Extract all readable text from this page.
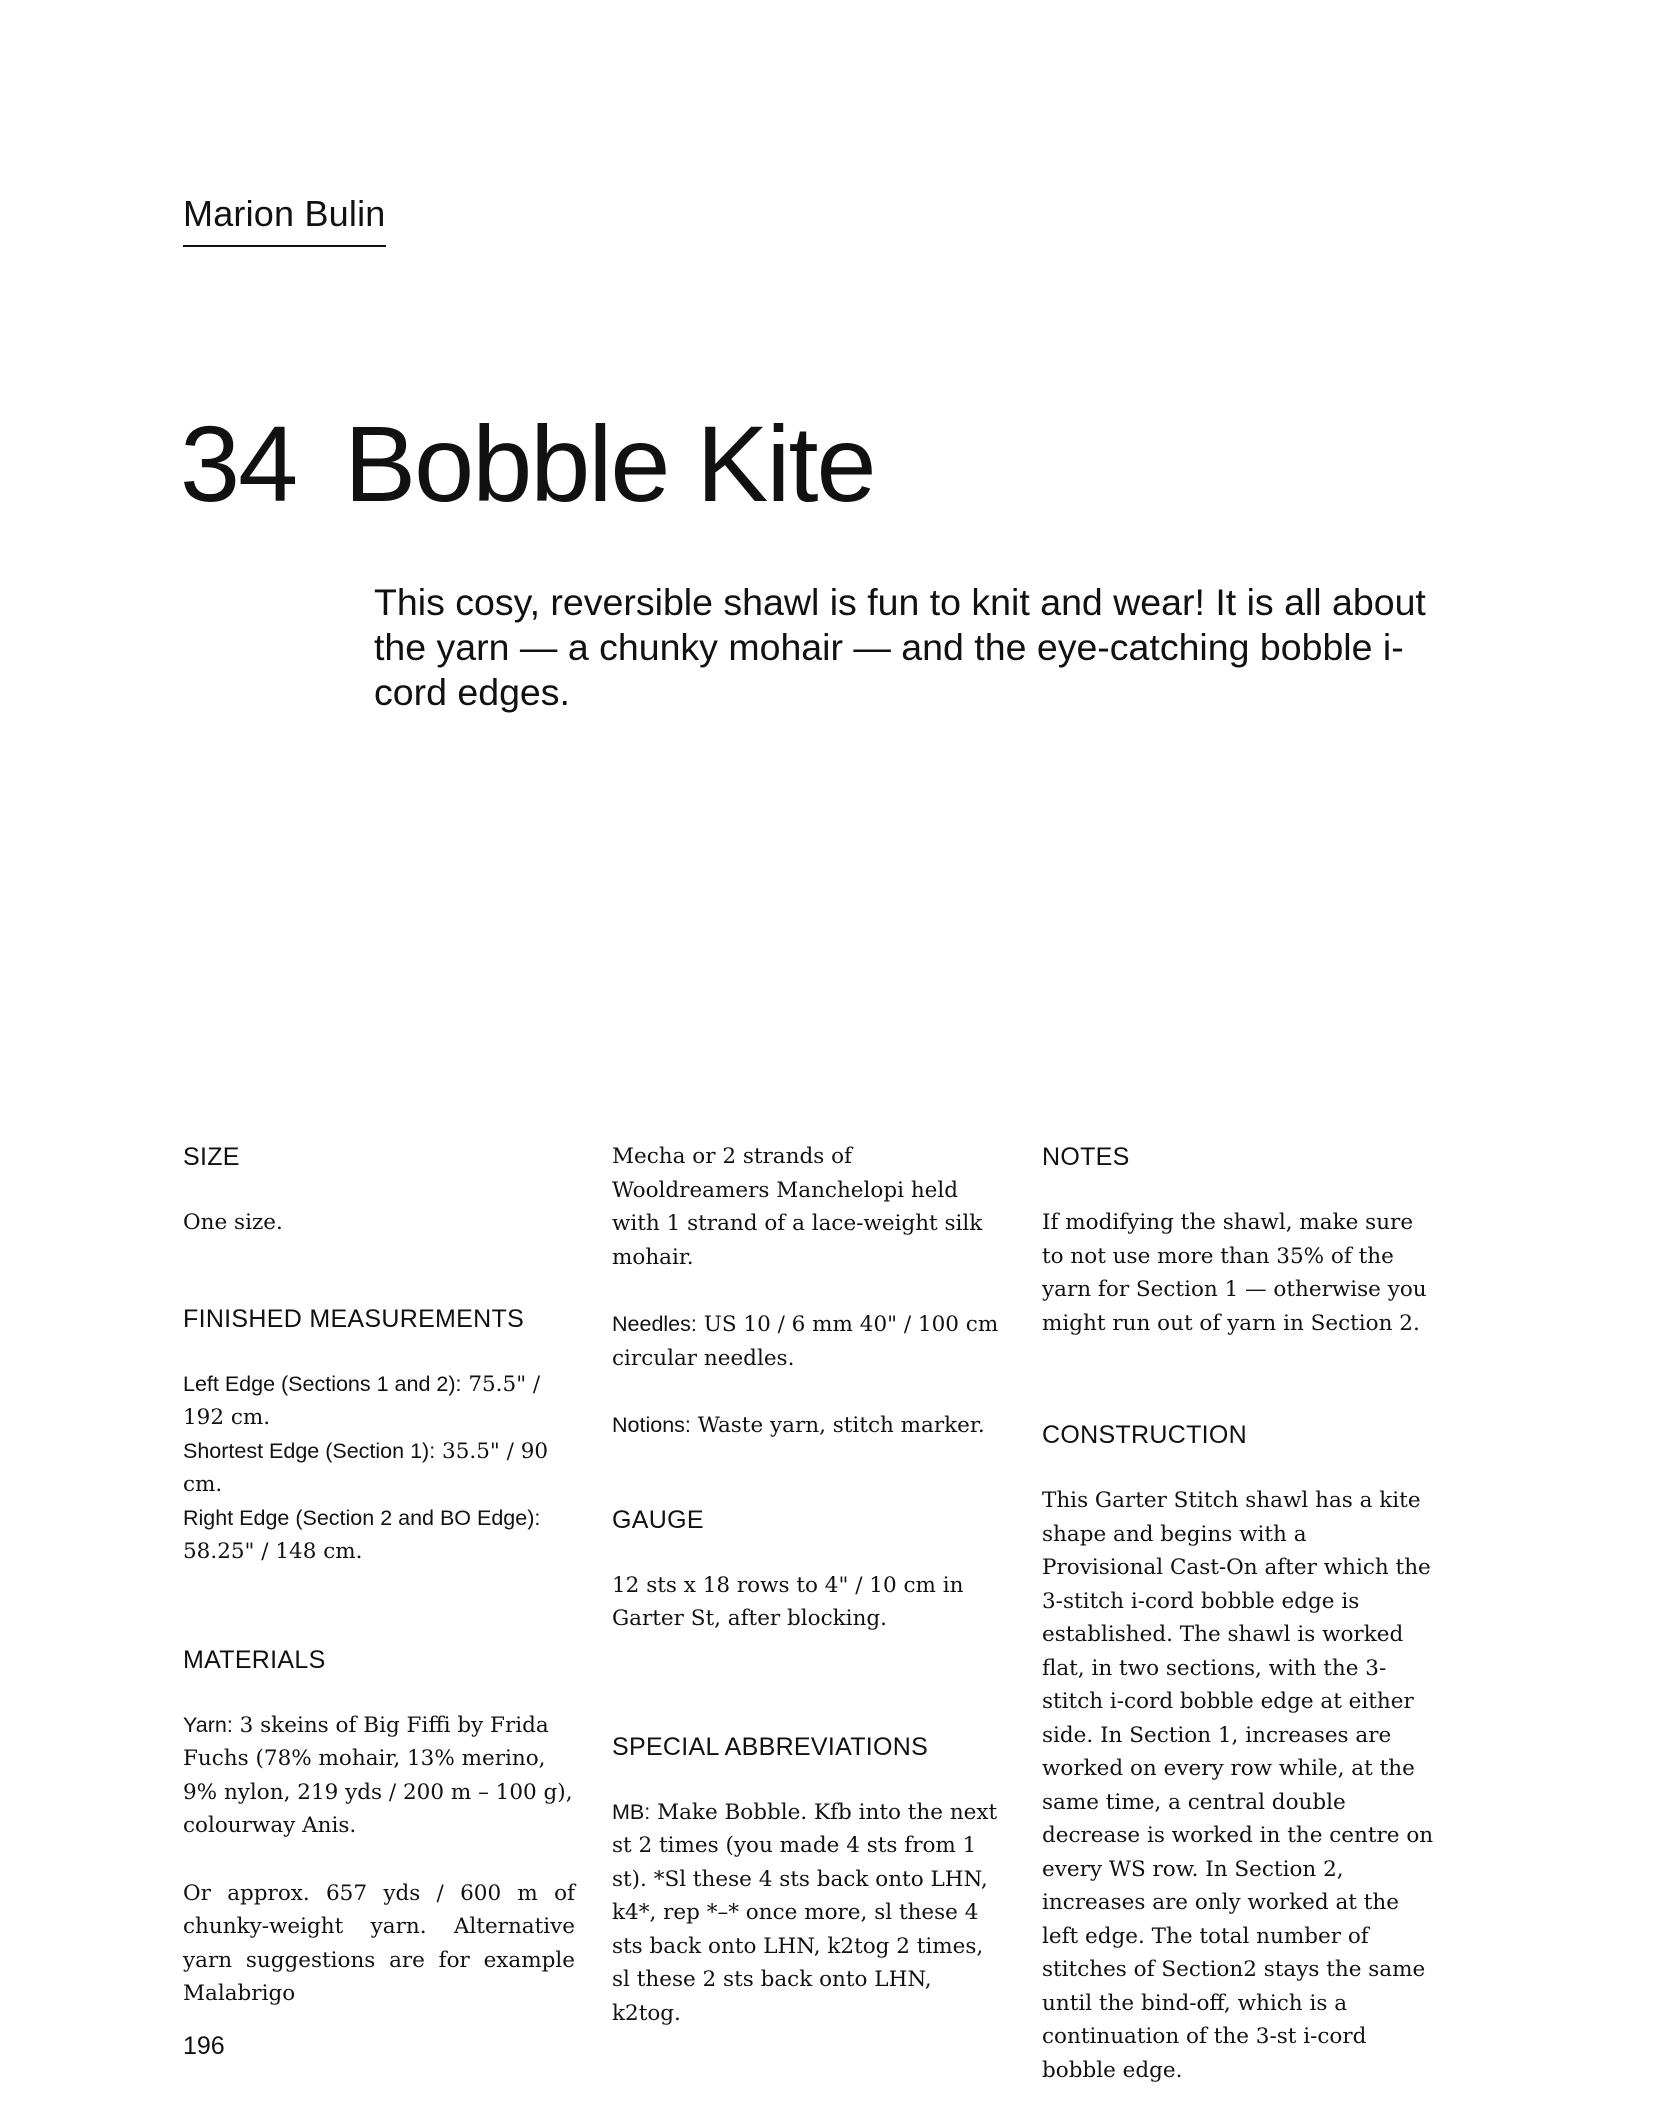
Marion Bulin
34 Bobble Kite
This cosy, reversible shawl is fun to knit and wear! It is all about the yarn — a chunky mohair — and the eye-catching bobble i-cord edges.
SIZE
One size.
FINISHED MEASUREMENTS
Left Edge (Sections 1 and 2): 75.5" / 192 cm.
Shortest Edge (Section 1): 35.5" / 90 cm.
Right Edge (Section 2 and BO Edge): 58.25" / 148 cm.
MATERIALS
Yarn: 3 skeins of Big Fiffi by Frida Fuchs (78% mohair, 13% merino, 9% nylon, 219 yds / 200 m – 100 g), colourway Anis.
Or approx. 657 yds / 600 m of chunky-weight yarn. Alternative yarn suggestions are for example Malabrigo
Mecha or 2 strands of Wooldreamers Manchelopi held with 1 strand of a lace-weight silk mohair.
Needles: US 10 / 6 mm 40" / 100 cm circular needles.
Notions: Waste yarn, stitch marker.
GAUGE
12 sts x 18 rows to 4" / 10 cm in Garter St, after blocking.
SPECIAL ABBREVIATIONS
MB: Make Bobble. Kfb into the next st 2 times (you made 4 sts from 1 st). *Sl these 4 sts back onto LHN, k4*, rep *–* once more, sl these 4 sts back onto LHN, k2tog 2 times, sl these 2 sts back onto LHN, k2tog.
NOTES
If modifying the shawl, make sure to not use more than 35% of the yarn for Section 1 — otherwise you might run out of yarn in Section 2.
CONSTRUCTION
This Garter Stitch shawl has a kite shape and begins with a Provisional Cast-On after which the 3-stitch i-cord bobble edge is established. The shawl is worked flat, in two sections, with the 3-stitch i-cord bobble edge at either side. In Section 1, increases are worked on every row while, at the same time, a central double decrease is worked in the centre on every WS row. In Section 2, increases are only worked at the left edge. The total number of stitches of Section2 stays the same until the bind-off, which is a continuation of the 3-st i-cord bobble edge.
196
